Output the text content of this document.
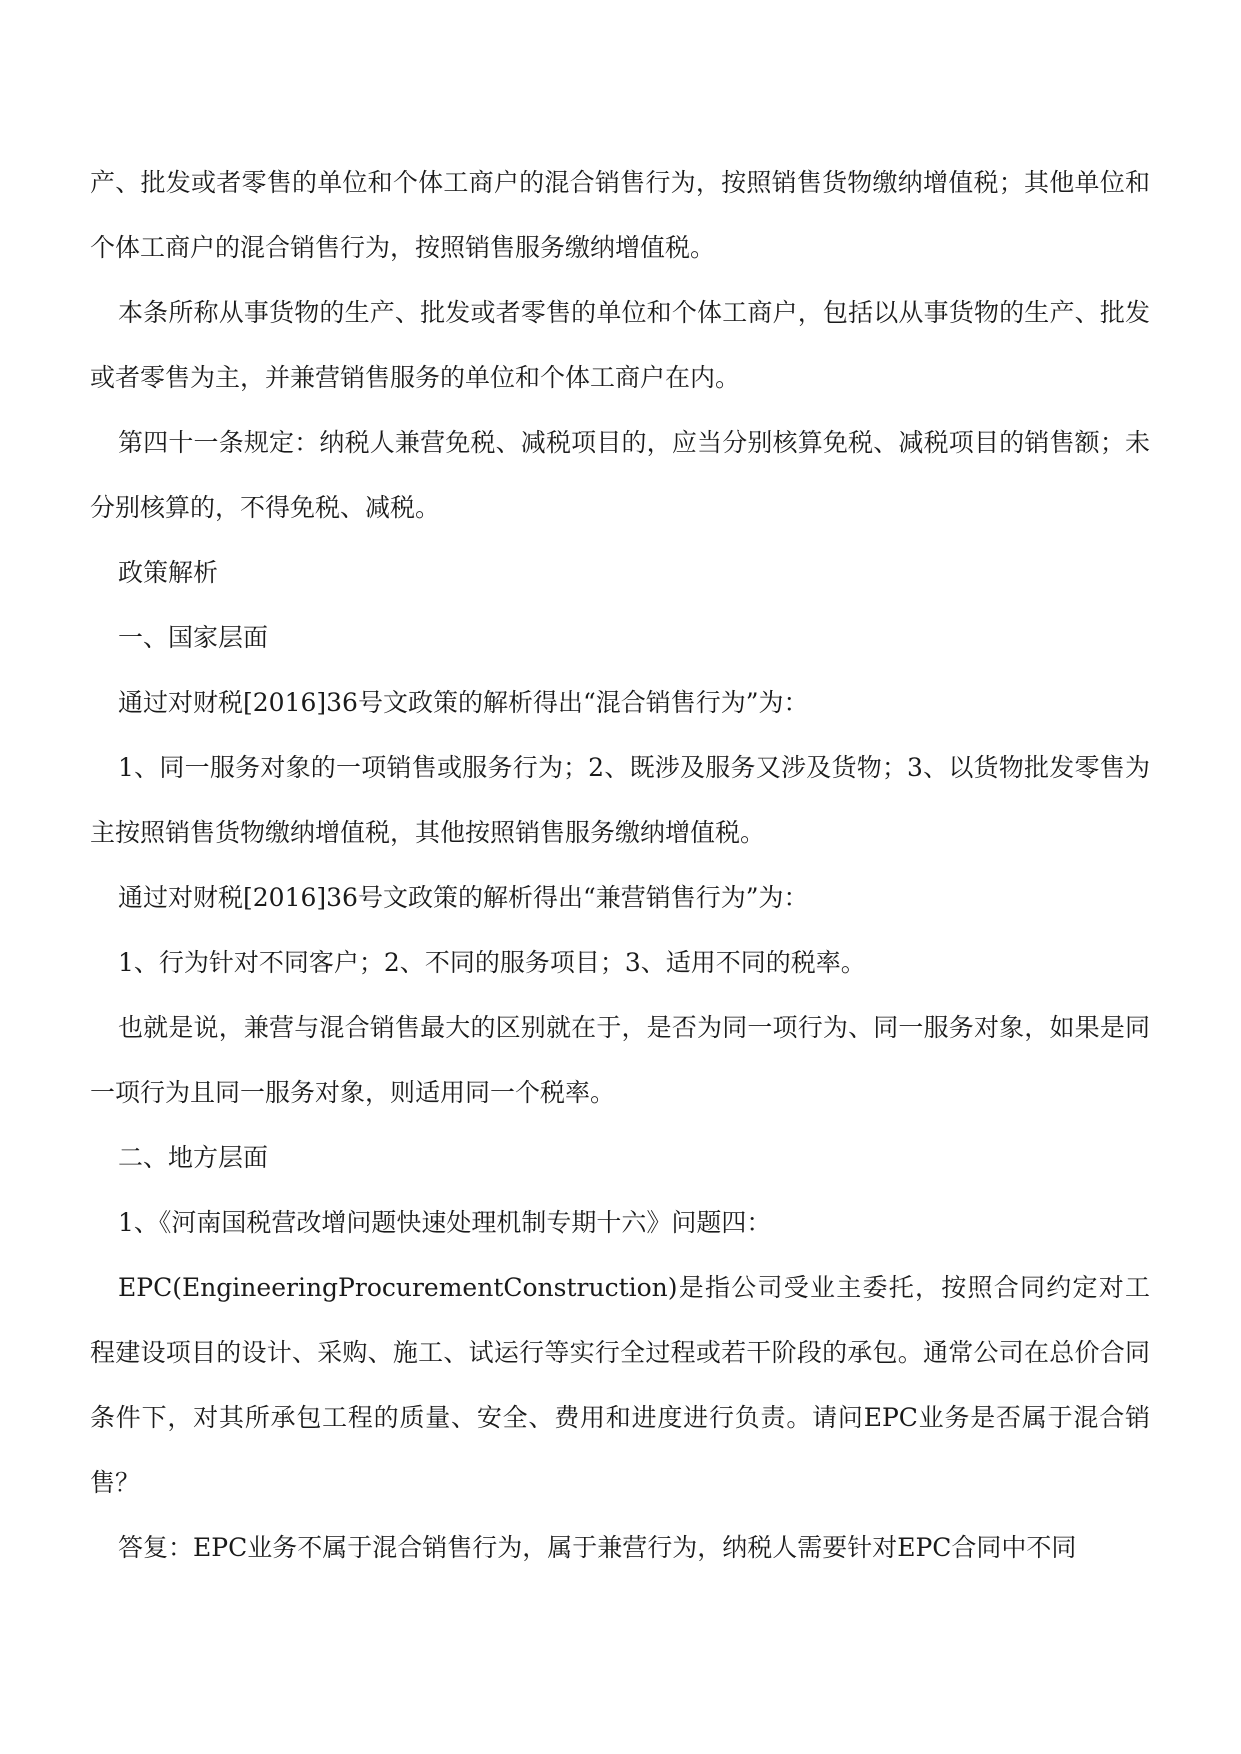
产、批发或者零售的单位和个体工商户的混合销售行为，按照销售货物缴纳增值税；其他单位和个体工商户的混合销售行为，按照销售服务缴纳增值税。

本条所称从事货物的生产、批发或者零售的单位和个体工商户，包括以从事货物的生产、批发或者零售为主，并兼营销售服务的单位和个体工商户在内。

第四十一条规定：纳税人兼营免税、减税项目的，应当分别核算免税、减税项目的销售额；未分别核算的，不得免税、减税。

政策解析

一、国家层面

通过对财税[2016]36号文政策的解析得出“混合销售行为”为：

1、同一服务对象的一项销售或服务行为；2、既涉及服务又涉及货物；3、以货物批发零售为主按照销售货物缴纳增值税，其他按照销售服务缴纳增值税。

通过对财税[2016]36号文政策的解析得出“兼营销售行为”为：

1、行为针对不同客户；2、不同的服务项目；3、适用不同的税率。

也就是说，兼营与混合销售最大的区别就在于，是否为同一项行为、同一服务对象，如果是同一项行为且同一服务对象，则适用同一个税率。

二、地方层面

1、《河南国税营改增问题快速处理机制专期十六》问题四：

EPC(EngineeringProcurementConstruction)是指公司受业主委托，按照合同约定对工程建设项目的设计、采购、施工、试运行等实行全过程或若干阶段的承包。通常公司在总价合同条件下，对其所承包工程的质量、安全、费用和进度进行负责。请问EPC业务是否属于混合销售？

答复：EPC业务不属于混合销售行为，属于兼营行为，纳税人需要针对EPC合同中不同
